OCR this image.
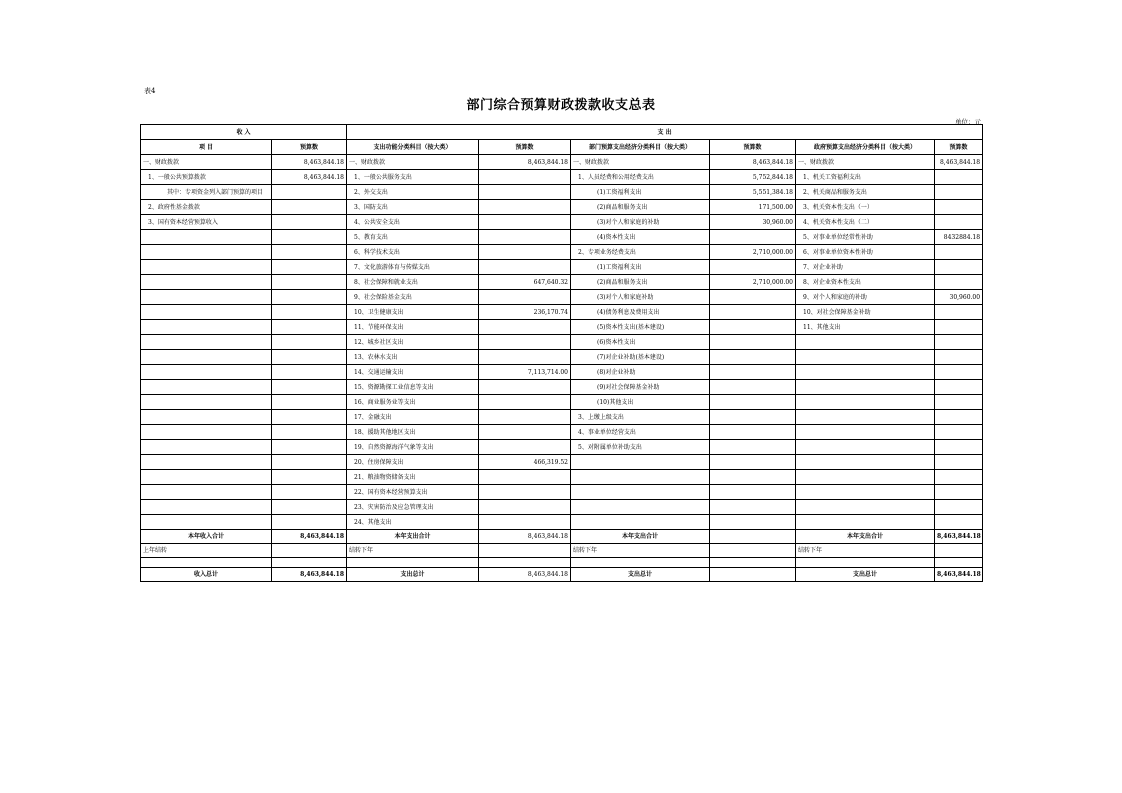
表4
部门综合预算财政拨款收支总表
单位：元
收 入		支 出					
项 目	预算数	支出功能分类科目（按大类）	预算数	部门预算支出经济分类科目（按大类）	预算数	政府预算支出经济分类科目（按大类）	预算数
一、财政拨款	8,463,844.18	一、财政拨款	8,463,844.18	一、财政拨款	8,463,844.18	一、财政拨款	8,463,844.18
1、一般公共预算拨款	8,463,844.18	1、一般公共服务支出		1、人员经费和公用经费支出	5,752,844.18	1、机关工资福利支出	
其中：专项资金列入部门预算的项目		2、外交支出		(1)工资福利支出	5,551,384.18	2、机关商品和服务支出	
2、政府性基金拨款		3、国防支出		(2)商品和服务支出	171,500.00	3、机关资本性支出（一）	
3、国有资本经营预算收入		4、公共安全支出		(3)对个人和家庭的补助	30,960.00	4、机关资本性支出（二）	
		5、教育支出		(4)资本性支出		5、对事业单位经常性补助	8432884.18
		6、科学技术支出		2、专项业务经费支出	2,710,000.00	6、对事业单位资本性补助	
		7、文化旅游体育与传媒支出		(1)工资福利支出		7、对企业补助	
		8、社会保障和就业支出	647,640.32	(2)商品和服务支出	2,710,000.00	8、对企业资本性支出	
		9、社会保险基金支出		(3)对个人和家庭补助		9、对个人和家庭的补助	30,960.00
		10、卫生健康支出	236,170.74	(4)债务利息及费用支出		10、对社会保障基金补助	
		11、节能环保支出		(5)资本性支出(基本建设)		11、其他支出	
		12、城乡社区支出		(6)资本性支出			
		13、农林水支出		(7)对企业补助(基本建设)			
		14、交通运输支出	7,113,714.00	(8)对企业补助			
		15、资源勘探工业信息等支出		(9)对社会保障基金补助			
		16、商业服务业等支出		(10)其他支出			
		17、金融支出		3、上缴上级支出			
		18、援助其他地区支出		4、事业单位经营支出			
		19、自然资源海洋气象等支出		5、对附属单位补助支出			
		20、住房保障支出	466,319.52				
		21、粮油物资储备支出					
		22、国有资本经营预算支出					
		23、灾害防治及应急管理支出					
		24、其他支出					
本年收入合计	8,463,844.18	本年支出合计	8,463,844.18	本年支出合计		本年支出合计	8,463,844.18
上年结转		结转下年		结转下年		结转下年	

收入总计	8,463,844.18	支出总计	8,463,844.18	支出总计		支出总计	8,463,844.18
